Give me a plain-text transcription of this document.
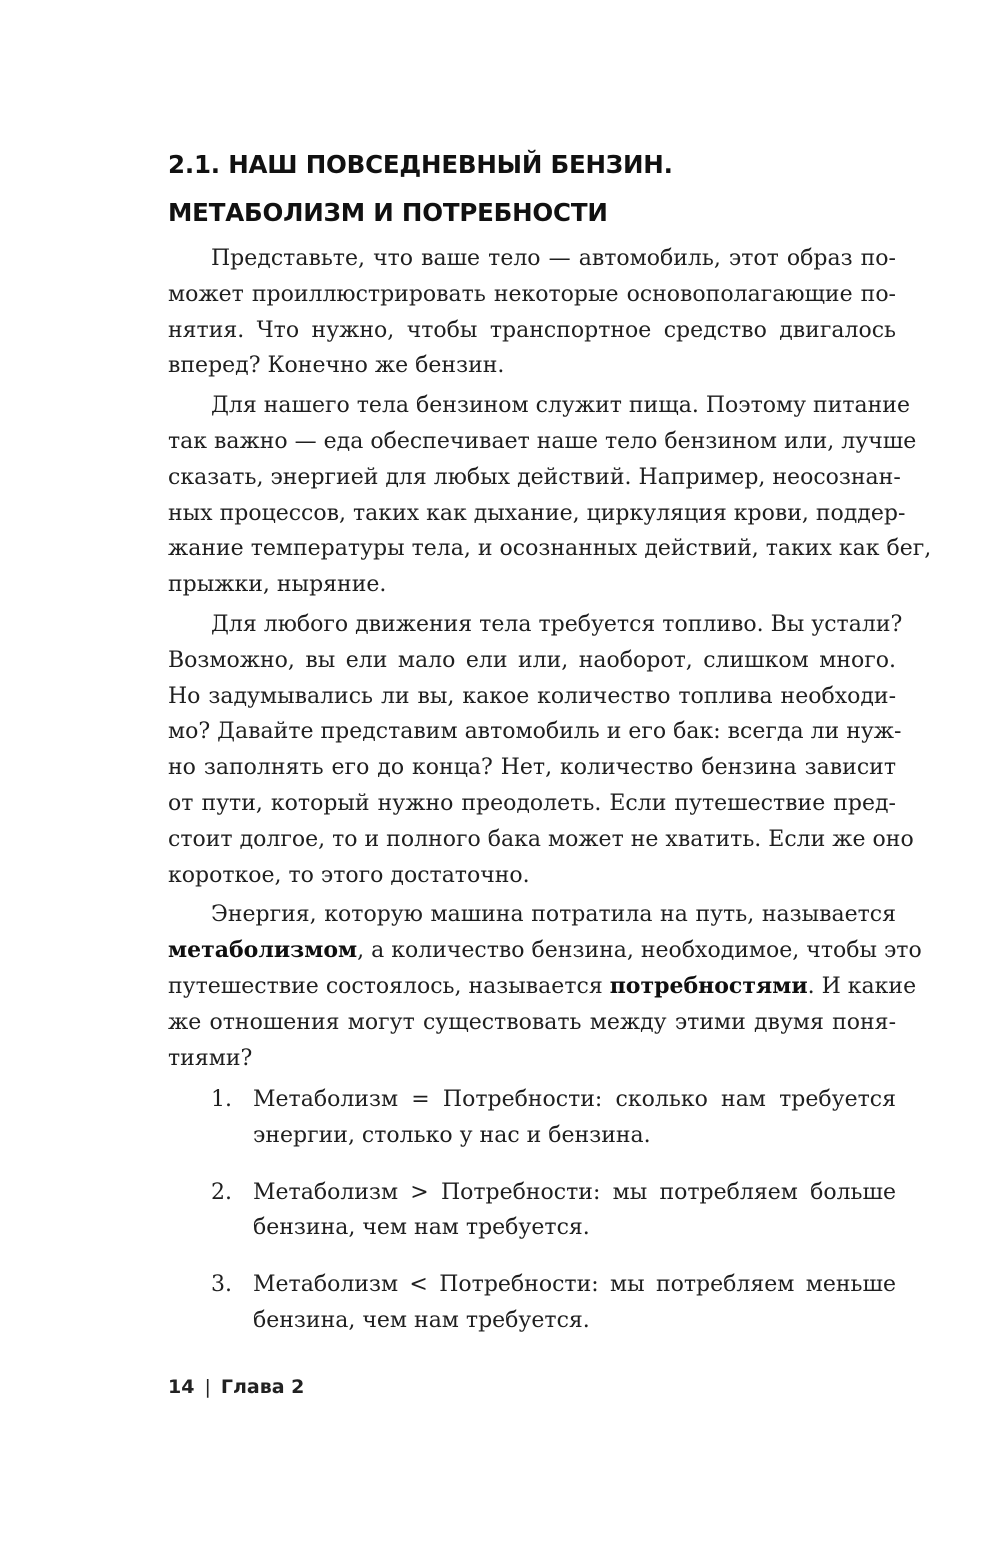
2.1. НАШ ПОВСЕДНЕВНЫЙ БЕНЗИН.
МЕТАБОЛИЗМ И ПОТРЕБНОСТИ

Представьте, что ваше тело — автомобиль, этот образ по-
может проиллюстрировать некоторые основополагающие по-
нятия. Что нужно, чтобы транспортное средство двигалось
вперед? Конечно же бензин.

Для нашего тела бензином служит пища. Поэтому питание
так важно — еда обеспечивает наше тело бензином или, лучше
сказать, энергией для любых действий. Например, неосознан-
ных процессов, таких как дыхание, циркуляция крови, поддер-
жание температуры тела, и осознанных действий, таких как бег,
прыжки, ныряние.

Для любого движения тела требуется топливо. Вы устали?
Возможно, вы ели мало ели или, наоборот, слишком много.
Но задумывались ли вы, какое количество топлива необходи-
мо? Давайте представим автомобиль и его бак: всегда ли нуж-
но заполнять его до конца? Нет, количество бензина зависит
от пути, который нужно преодолеть. Если путешествие пред-
стоит долгое, то и полного бака может не хватить. Если же оно
короткое, то этого достаточно.

Энергия, которую машина потратила на путь, называется
метаболизмом, а количество бензина, необходимое, чтобы это
путешествие состоялось, называется потребностями. И какие
же отношения могут существовать между этими двумя поня-
тиями?

1. Метаболизм = Потребности: сколько нам требуется
энергии, столько у нас и бензина.
2. Метаболизм > Потребности: мы потребляем больше
бензина, чем нам требуется.
3. Метаболизм < Потребности: мы потребляем меньше
бензина, чем нам требуется.
14 | Глава 2
